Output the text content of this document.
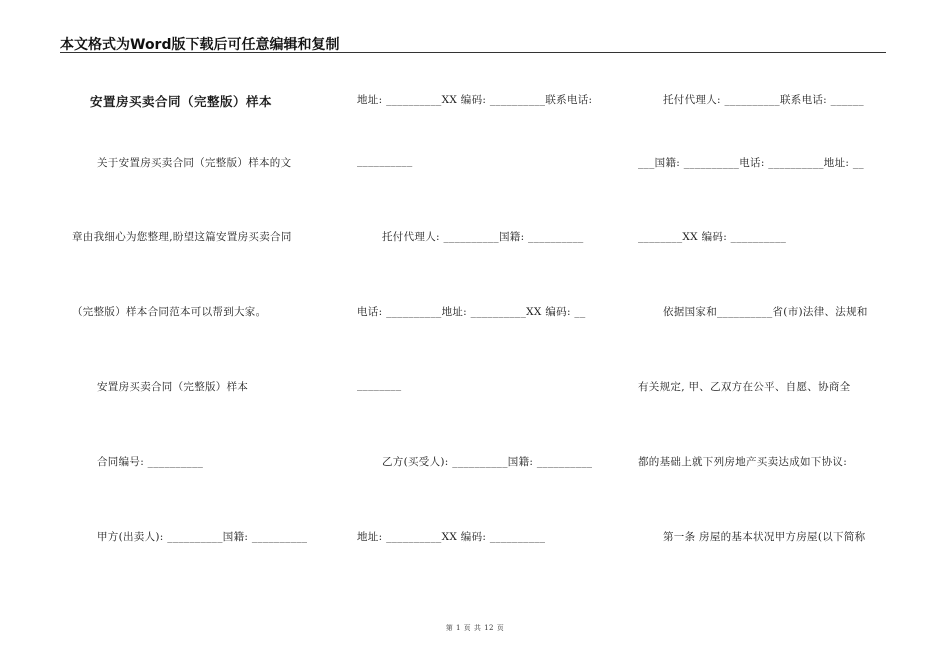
本文格式为Word版下载后可任意编辑和复制
安置房买卖合同（完整版）样本
关于安置房买卖合同（完整版）样本的文
章由我细心为您整理,盼望这篇安置房买卖合同
（完整版）样本合同范本可以帮到大家。
安置房买卖合同（完整版）样本
合同编号: __________
甲方(出卖人): __________国籍: __________
地址: __________XX 编码: __________联系电话:
__________
托付代理人: __________国籍: __________
电话: __________地址: __________XX 编码: __
________
乙方(买受人): __________国籍: __________
地址: __________XX 编码: __________
托付代理人: __________联系电话: ______
___国籍: __________电话: __________地址: __
________XX 编码: __________
依据国家和__________省(市)法律、法规和
有关规定, 甲、乙双方在公平、自愿、协商全
都的基础上就下列房地产买卖达成如下协议:
第一条 房屋的基本状况甲方房屋(以下简称
第 1 页 共 12 页
